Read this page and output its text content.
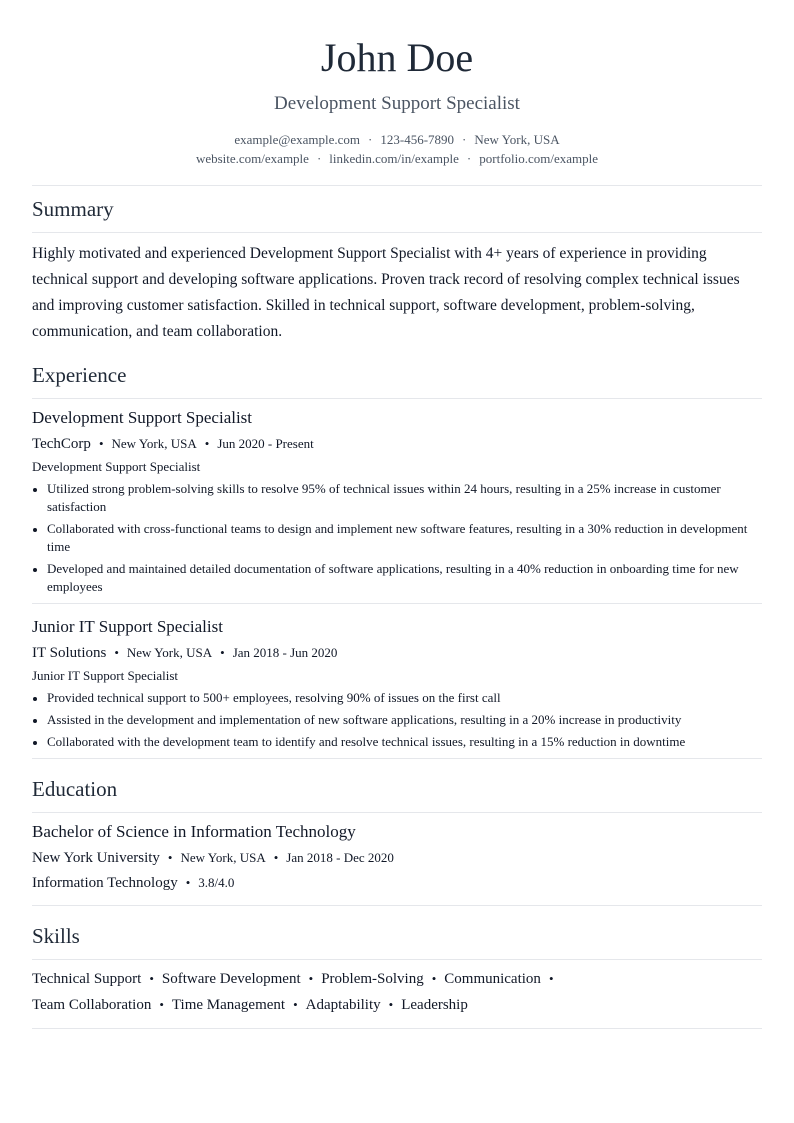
John Doe
Development Support Specialist
example@example.com · 123-456-7890 · New York, USA
website.com/example · linkedin.com/in/example · portfolio.com/example
Summary

Highly motivated and experienced Development Support Specialist with 4+ years of experience in providing technical support and developing software applications. Proven track record of resolving complex technical issues and improving customer satisfaction. Skilled in technical support, software development, problem-solving, communication, and team collaboration.

Experience
Development Support Specialist
TechCorp • New York, USA • Jun 2020 - Present
Development Support Specialist
Utilized strong problem-solving skills to resolve 95% of technical issues within 24 hours, resulting in a 25% increase in customer satisfaction
Collaborated with cross-functional teams to design and implement new software features, resulting in a 30% reduction in development time
Developed and maintained detailed documentation of software applications, resulting in a 40% reduction in onboarding time for new employees
Junior IT Support Specialist
IT Solutions • New York, USA • Jan 2018 - Jun 2020
Junior IT Support Specialist
Provided technical support to 500+ employees, resolving 90% of issues on the first call
Assisted in the development and implementation of new software applications, resulting in a 20% increase in productivity
Collaborated with the development team to identify and resolve technical issues, resulting in a 15% reduction in downtime
Education
Bachelor of Science in Information Technology
New York University • New York, USA • Jan 2018 - Dec 2020
Information Technology • 3.8/4.0
Skills
Technical Support • Software Development • Problem-Solving • Communication •
Team Collaboration • Time Management • Adaptability • Leadership
